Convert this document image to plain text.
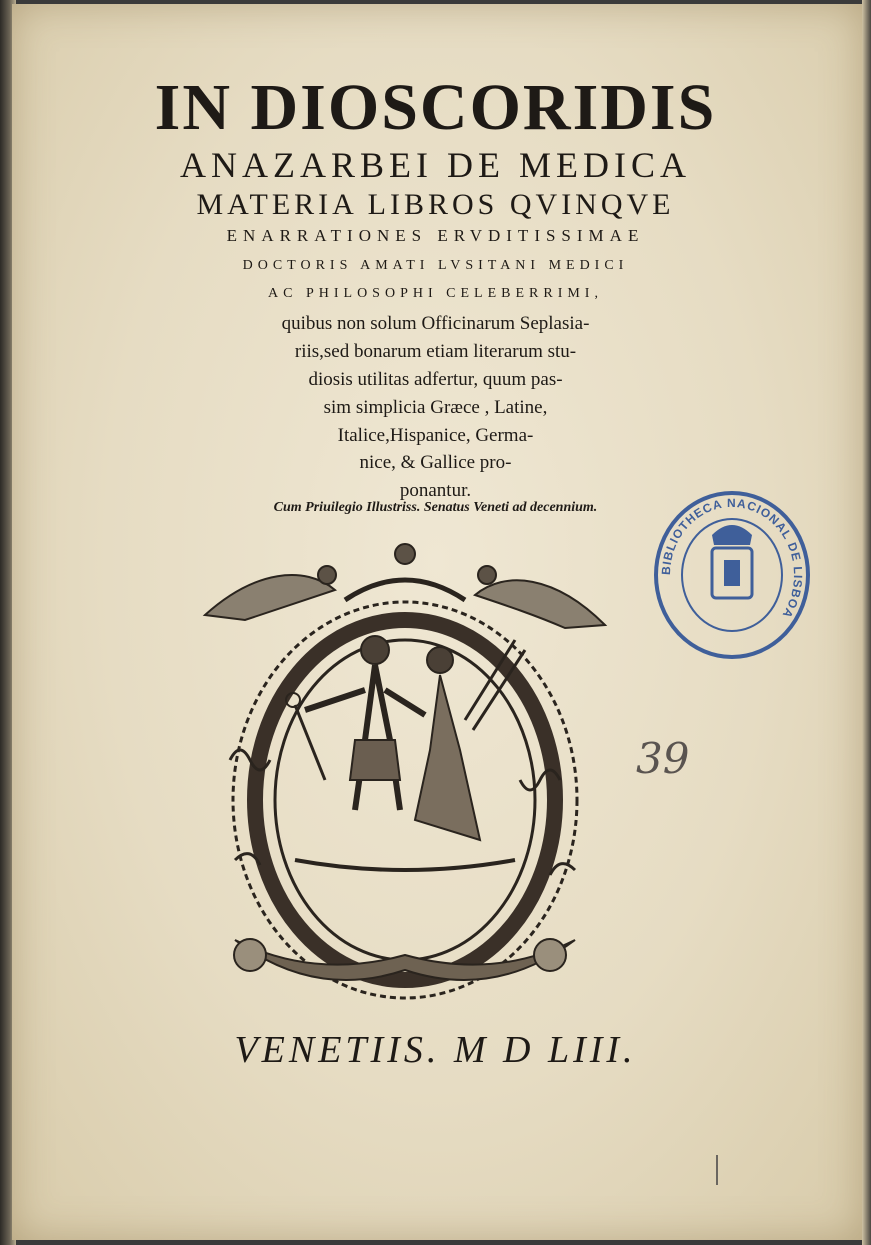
IN DIOSCORIDIS
ANAZARBEI DE MEDICA
MATERIA LIBROS QVINQVE
ENARRATIONES ERVDITISSIMAE
DOCTORIS AMATI LVSITANI MEDICI
AC PHILOSOPHI CELEBERRIMI,
quibus non solum Officinarum Seplasia-
riis,sed bonarum etiam literarum stu-
diosis utilitas adfertur, quum pas-
sim simplicia Græce , Latine,
Italice,Hispanice, Germa-
nice, & Gallice pro-
ponantur.
Cum Priuilegio Illustriss. Senatus Veneti ad decennium.
BIBLIOTHECA NACIONAL DE LISBOA
39
VENETIIS. M D LIII.
